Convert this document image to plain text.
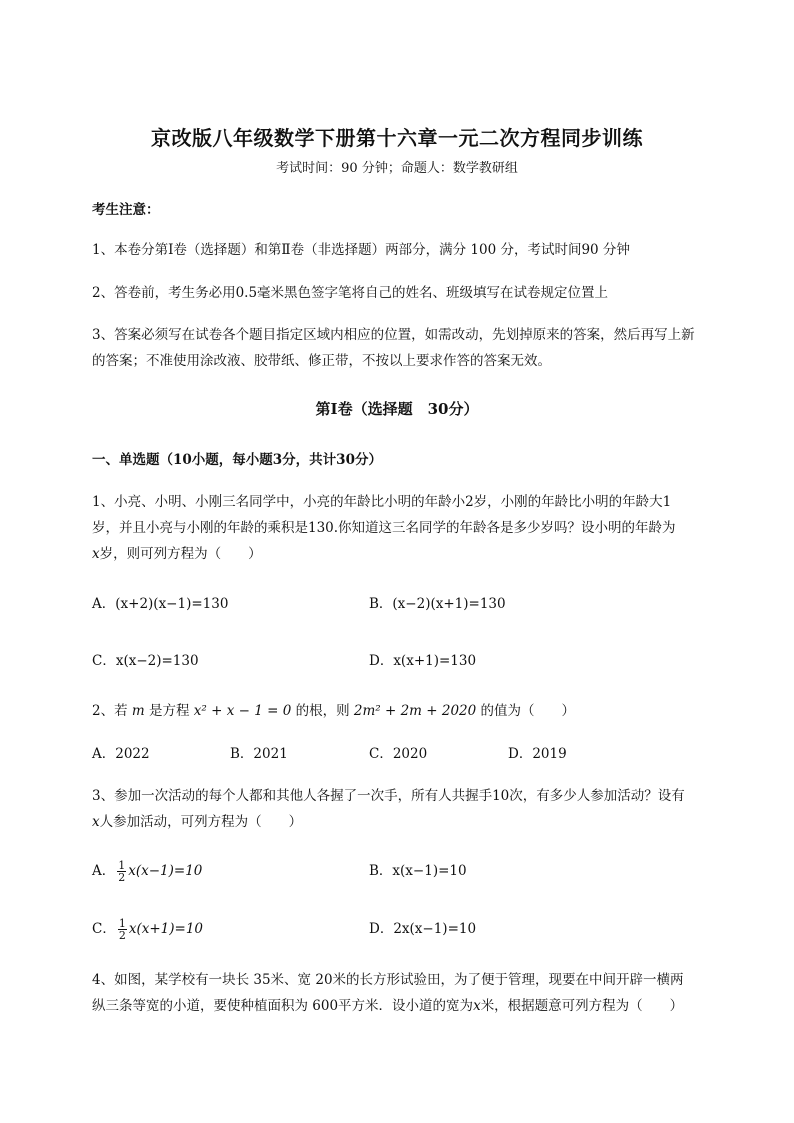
京改版八年级数学下册第十六章一元二次方程同步训练
考试时间：90 分钟；命题人：数学教研组
考生注意：
1、本卷分第Ⅰ卷（选择题）和第Ⅱ卷（非选择题）两部分，满分 100 分，考试时间90 分钟
2、答卷前，考生务必用0.5毫米黑色签字笔将自己的姓名、班级填写在试卷规定位置上
3、答案必须写在试卷各个题目指定区域内相应的位置，如需改动，先划掉原来的答案，然后再写上新
的答案；不准使用涂改液、胶带纸、修正带，不按以上要求作答的答案无效。
第Ⅰ卷（选择题　30分）
一、单选题（10小题，每小题3分，共计30分）
1、小亮、小明、小刚三名同学中，小亮的年龄比小明的年龄小2岁，小刚的年龄比小明的年龄大1
岁，并且小亮与小刚的年龄的乘积是130.你知道这三名同学的年龄各是多少岁吗？设小明的年龄为
x岁，则可列方程为（　　）
A．(x+2)(x−1)=130	B．(x−2)(x+1)=130
C．x(x−2)=130	D．x(x+1)=130
2、若 m 是方程 x² + x − 1 = 0 的根，则 2m² + 2m + 2020 的值为（　　）
A．2022	B．2021	C．2020	D．2019
3、参加一次活动的每个人都和其他人各握了一次手，所有人共握手10次，有多少人参加活动？设有
x人参加活动，可列方程为（　　）
A． $\frac{1}{2} x(x-1)=10$	B．x(x−1)=10
C． $\frac{1}{2} x(x+1)=10$	D．2x(x−1)=10
4、如图，某学校有一块长 35米、宽 20米的长方形试验田，为了便于管理，现要在中间开辟一横两
纵三条等宽的小道，要使种植面积为 600平方米．设小道的宽为x米，根据题意可列方程为（　　）
